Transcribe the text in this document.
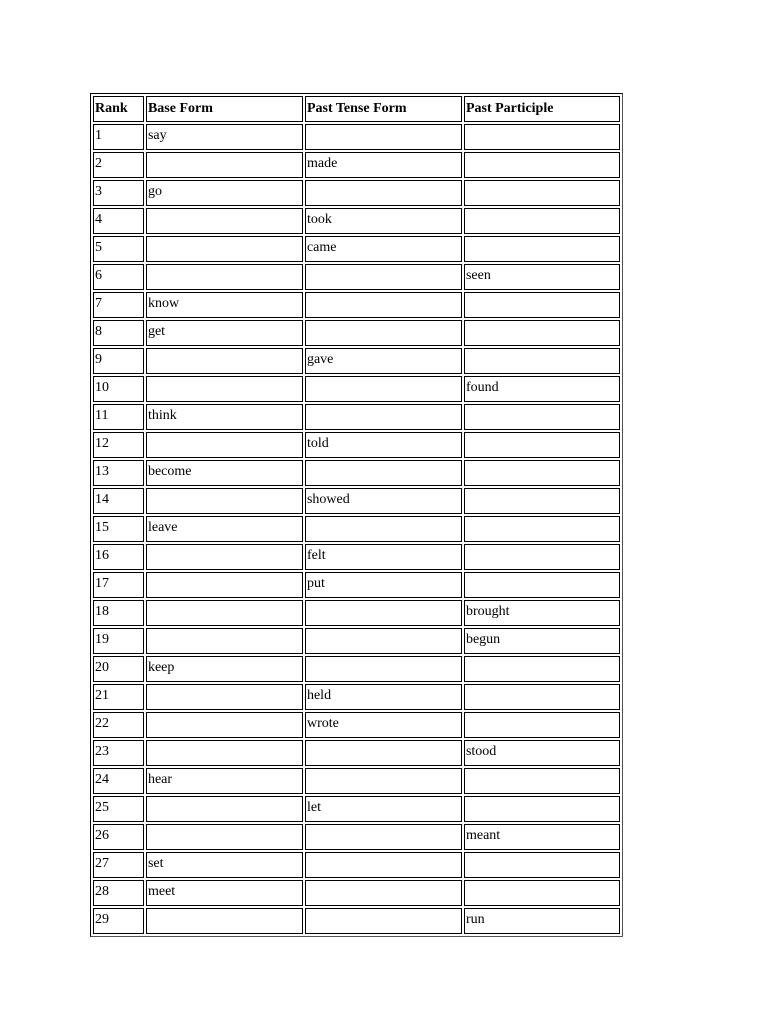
Rank	Base Form	Past Tense Form	Past Participle
1	say		
2		made	
3	go		
4		took	
5		came	
6			seen
7	know		
8	get		
9		gave	
10			found
11	think		
12		told	
13	become		
14		showed	
15	leave		
16		felt	
17		put	
18			brought
19			begun
20	keep		
21		held	
22		wrote	
23			stood
24	hear		
25		let	
26			meant
27	set		
28	meet		
29			run
